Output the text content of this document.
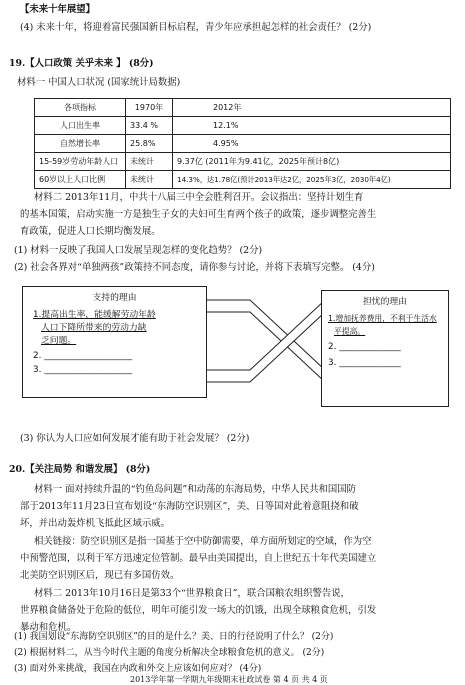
【未来十年展望】
(4) 未来十年，将迎着富民强国新目标启程，青少年应承担起怎样的社会责任？ (2分)
19.【人口政策 关乎未来 】 (8分)
材料一 中国人口状况 (国家统计局数据)
各项指标	1970年	2012年
人口出生率	33.4 %	12.1%
自然增长率	25.8%	4.95%
15-59岁劳动年龄人口	未统计	9.37亿 (2011年为9.41亿，2025年预计8亿)
60岁以上人口比例	未统计	14.3%，达1.78亿(预计2013年达2亿，2025年3亿，2030年4亿)
材料二 2013年11月，中共十八届三中全会胜利召开。会议指出：坚持计划生育
的基本国策，启动实施一方是独生子女的夫妇可生育两个孩子的政策，逐步调整完善生
育政策，促进人口长期均衡发展。
(1) 材料一反映了我国人口发展呈现怎样的变化趋势？ (2分)
(2) 社会各界对“单独两孩”政策持不同态度，请你参与讨论，并将下表填写完整。 (4分)
支持的理由
1.提高出生率，能缓解劳动年龄
人口下降所带来的劳动力缺
乏问题。
2. ____________________
3. ____________________
担忧的理由
1.增加抚养费用，不利于生活水
平提高。
2. ______________
3. ______________
(3) 你认为人口应如何发展才能有助于社会发展？ (2分)
20.【关注局势 和谐发展】 (8分)
材料一 面对持续升温的“钓鱼岛问题”和动荡的东海局势，中华人民共和国国防
部于2013年11月23日宣布划设“东海防空识别区”，美、日等国对此着意阻挠和破
坏，并出动轰炸机飞抵此区域示威。
相关链接：防空识别区是指一国基于空中防御需要，单方面所划定的空域，作为空
中预警范围，以利于军方迅速定位管制。最早由美国提出，自上世纪五十年代美国建立
北美防空识别区后，现已有多国仿效。
材料二 2013年10月16日是第33个“世界粮食日”，联合国粮农组织警告说，
世界粮食储备处于危险的低位，明年可能引发一场大的饥饿，出现全球粮食危机，引发
暴动和危机。
(1) 我国划设“东海防空识别区”的目的是什么？美、日的行径说明了什么？ (2分)
(2) 根据材料二，从当今时代主题的角度分析解决全球粮食危机的意义。 (2分)
(3) 面对外来挑战，我国在内政和外交上应该如何应对？ (4分)
2013学年第一学期九年级期末社政试卷 第 4 页 共 4 页
